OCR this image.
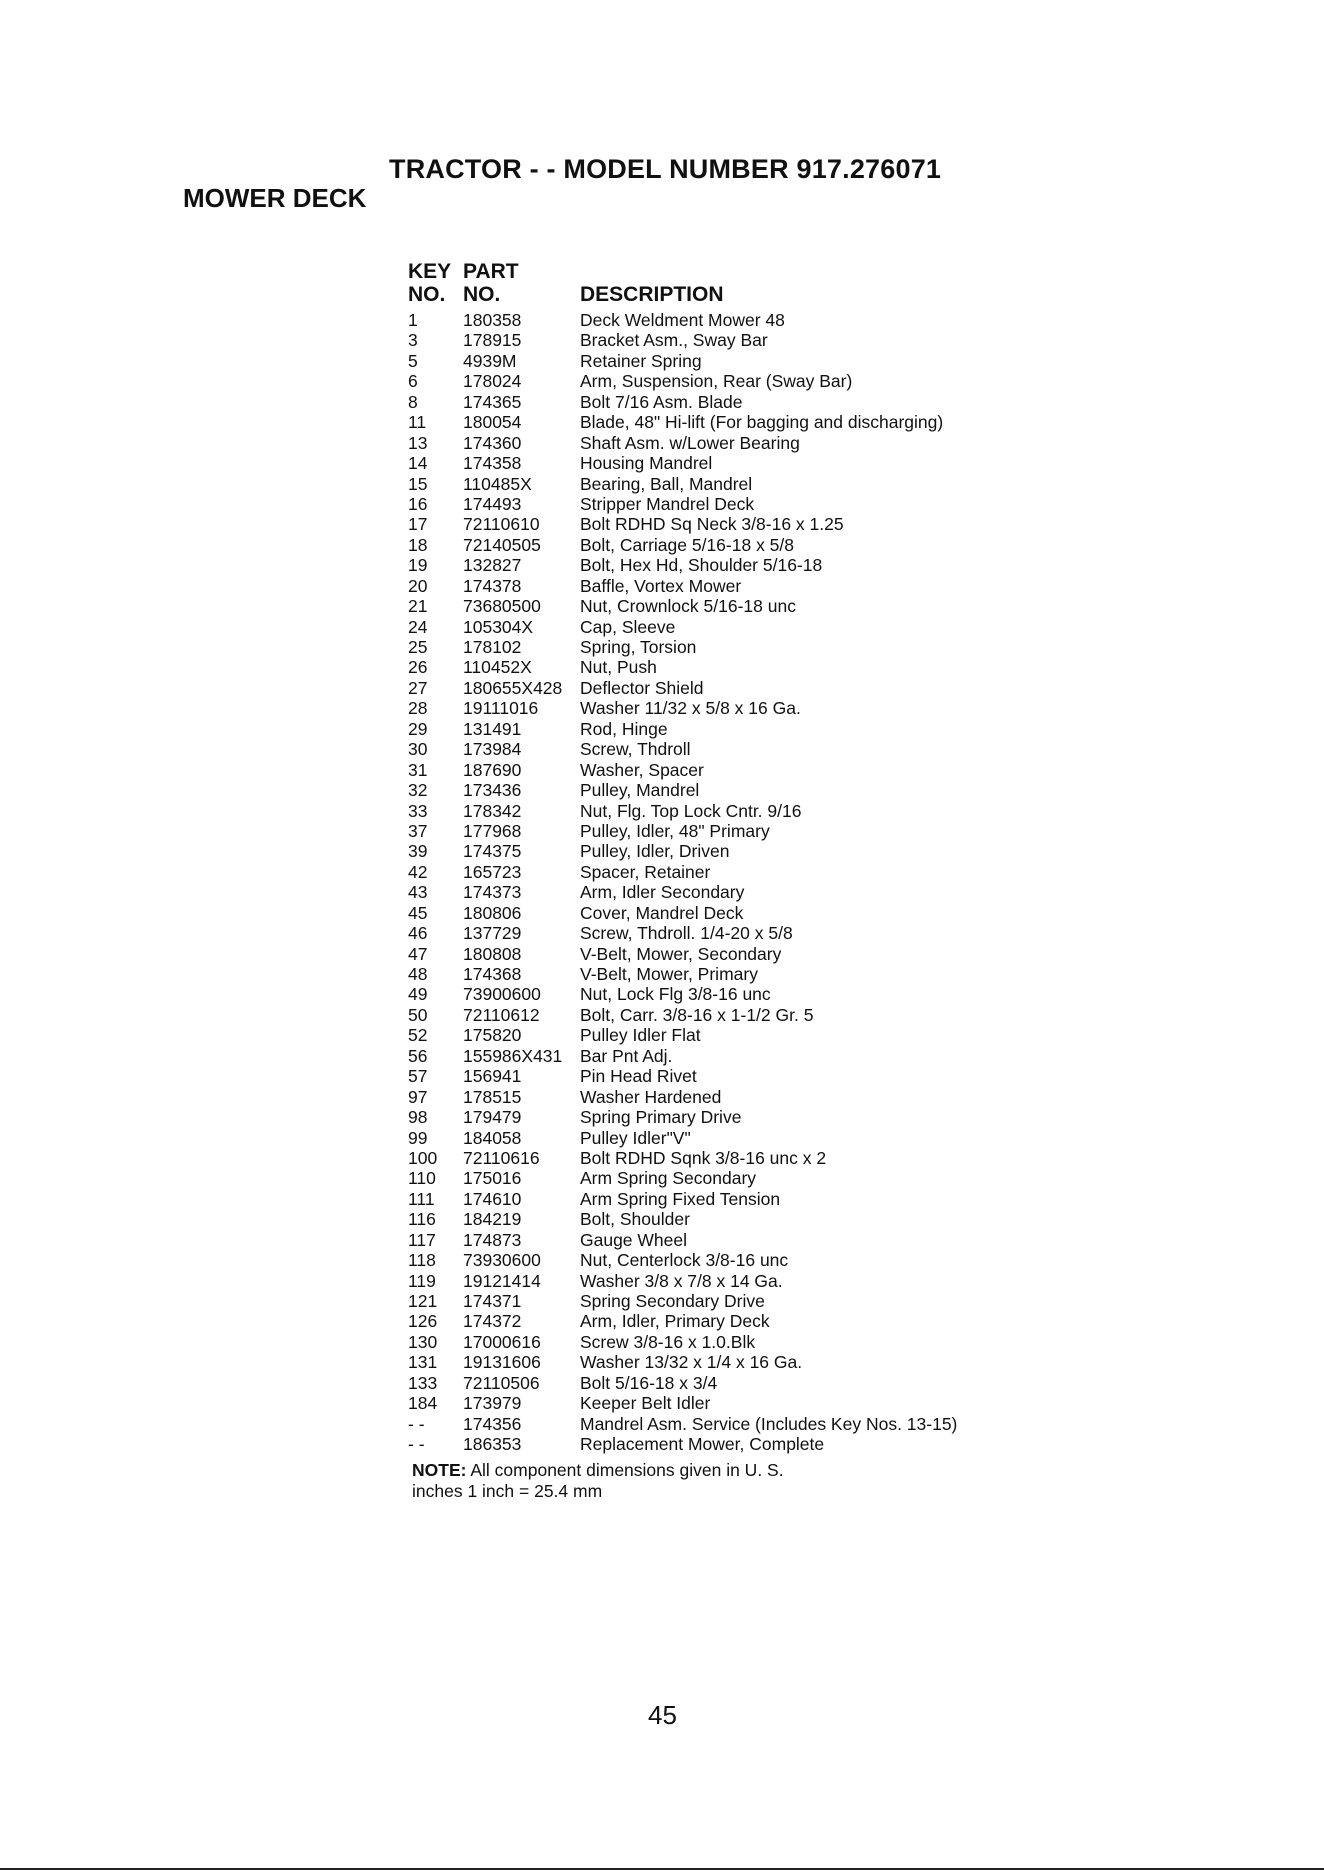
TRACTOR - - MODEL NUMBER 917.276071
MOWER DECK
KEY PART
NO. NO.	DESCRIPTION
1	180358	Deck Weldment Mower 48
3	178915	Bracket Asm., Sway Bar
5	4939M	Retainer Spring
6	178024	Arm, Suspension, Rear (Sway Bar)
8	174365	Bolt 7/16 Asm. Blade
11 180054	Blade, 48" Hi-lift (For bagging and discharging)
13 174360	Shaft Asm. w/Lower Bearing
14 174358	Housing Mandrel
15 110485X	Bearing, Ball, Mandrel
16 174493	Stripper Mandrel Deck
17 72110610 Bolt RDHD Sq Neck 3/8-16 x 1.25
18 72140505 Bolt, Carriage 5/16-18 x 5/8
19 132827	Bolt, Hex Hd, Shoulder 5/16-18
20 174378	Baffle, Vortex Mower
21 73680500 Nut, Crownlock 5/16-18 unc
24 105304X	Cap, Sleeve
25 178102	Spring, Torsion
26 110452X	Nut, Push
27 180655X428 Deflector Shield
28 19111016 Washer 11/32 x 5/8 x 16 Ga.
29 131491	Rod, Hinge
30 173984	Screw, Thdroll
31 187690	Washer, Spacer
32 173436	Pulley, Mandrel
33 178342	Nut, Flg. Top Lock Cntr. 9/16
37 177968	Pulley, Idler, 48" Primary
39 174375	Pulley, Idler, Driven
42 165723	Spacer, Retainer
43 174373	Arm, Idler Secondary
45 180806	Cover, Mandrel Deck
46 137729	Screw, Thdroll. 1/4-20 x 5/8
47 180808	V-Belt, Mower, Secondary
48 174368	V-Belt, Mower, Primary
49 73900600 Nut, Lock Flg 3/8-16 unc
50 72110612 Bolt, Carr. 3/8-16 x 1-1/2 Gr. 5
52 175820	Pulley Idler Flat
56 155986X431 Bar Pnt Adj.
57 156941	Pin Head Rivet
97 178515	Washer Hardened
98 179479	Spring Primary Drive
99 184058	Pulley Idler"V"
100 72110616 Bolt RDHD Sqnk 3/8-16 unc x 2
110 175016	Arm Spring Secondary
111 174610	Arm Spring Fixed Tension
116 184219	Bolt, Shoulder
117 174873	Gauge Wheel
118 73930600 Nut, Centerlock 3/8-16 unc
119 19121414 Washer 3/8 x 7/8 x 14 Ga.
121 174371	Spring Secondary Drive
126 174372	Arm, Idler, Primary Deck
130 17000616 Screw 3/8-16 x 1.0.Blk
131 19131606 Washer 13/32 x 1/4 x 16 Ga.
133 72110506 Bolt 5/16-18 x 3/4
184 173979	Keeper Belt Idler
- - 174356	Mandrel Asm. Service (Includes Key Nos. 13-15)
- - 186353	Replacement Mower, Complete
NOTE: All component dimensions given in U. S.
inches 1 inch = 25.4 mm
45
